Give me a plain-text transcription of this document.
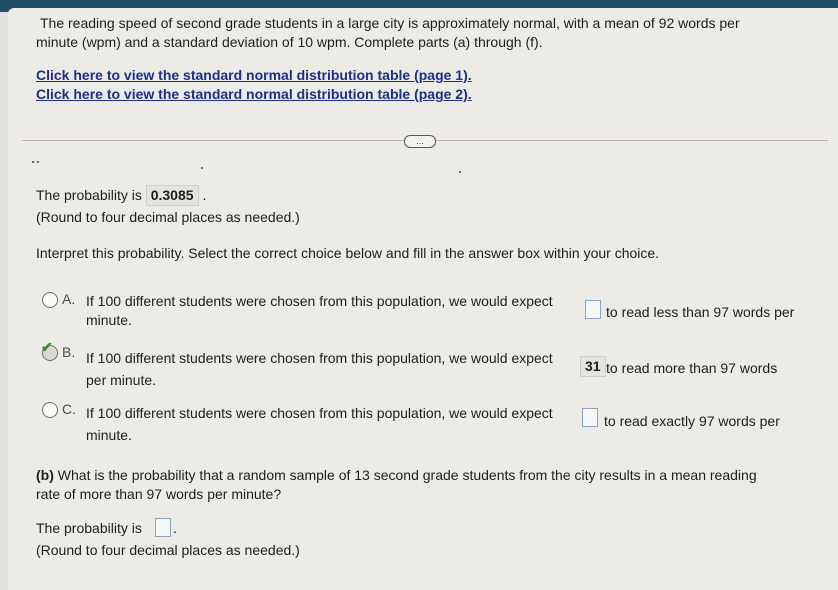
The reading speed of second grade students in a large city is approximately normal, with a mean of 92 words per
minute (wpm) and a standard deviation of 10 wpm. Complete parts (a) through (f).
Click here to view the standard normal distribution table (page 1).
Click here to view the standard normal distribution table (page 2).
...
The probability is 0.3085 .
(Round to four decimal places as needed.)
Interpret this probability. Select the correct choice below and fill in the answer box within your choice.
A. If 100 different students were chosen from this population, we would expect
to read less than 97 words per
minute.
✔ B. If 100 different students were chosen from this population, we would expect	31 to read more than 97 words
per minute.
C. If 100 different students were chosen from this population, we would expect	to read exactly 97 words per
minute.
(b) What is the probability that a random sample of 13 second grade students from the city results in a mean reading
rate of more than 97 words per minute?
The probability is .
(Round to four decimal places as needed.)
